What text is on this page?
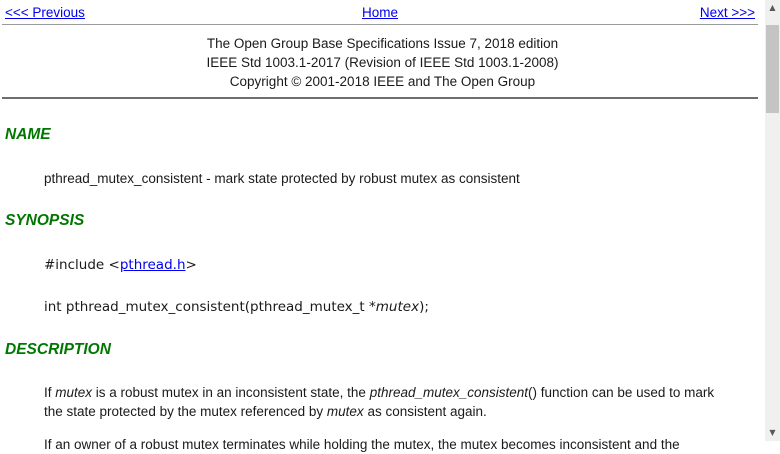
<<< Previous	Home	Next >>>
The Open Group Base Specifications Issue 7, 2018 edition
IEEE Std 1003.1-2017 (Revision of IEEE Std 1003.1-2008)
Copyright © 2001-2018 IEEE and The Open Group
NAME
pthread_mutex_consistent - mark state protected by robust mutex as consistent
SYNOPSIS
#include <pthread.h>
int pthread_mutex_consistent(pthread_mutex_t *mutex);
DESCRIPTION
If mutex is a robust mutex in an inconsistent state, the pthread_mutex_consistent() function can be used to mark the state protected by the mutex referenced by mutex as consistent again.
If an owner of a robust mutex terminates while holding the mutex, the mutex becomes inconsistent and the
▲
▼
